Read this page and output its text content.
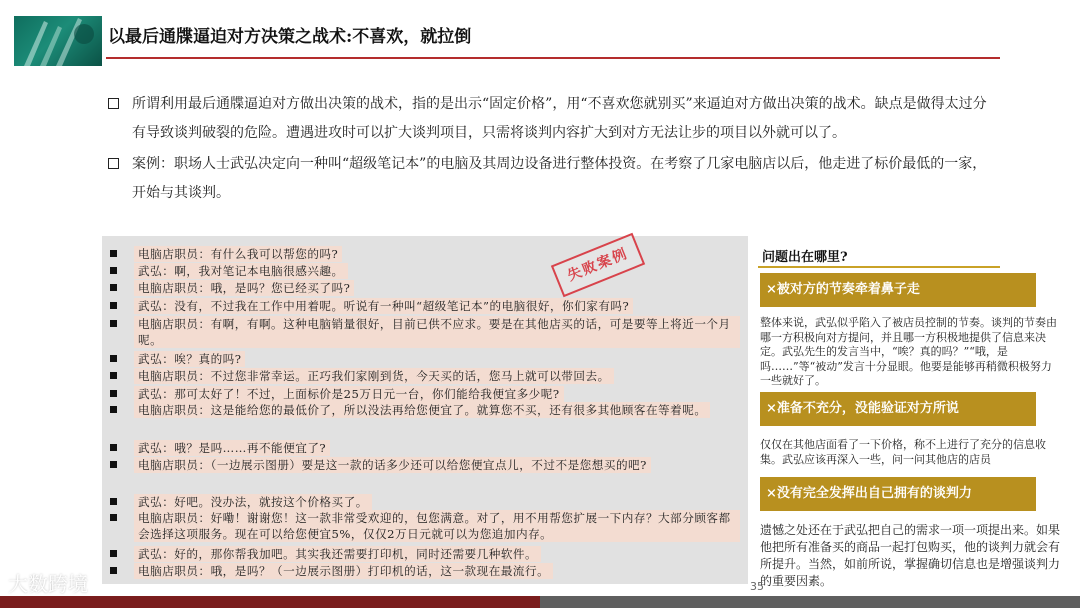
以最后通牒逼迫对方决策之战术:不喜欢，就拉倒
所谓利用最后通牒逼迫对方做出决策的战术，指的是出示“固定价格”，用“不喜欢您就别买”来逼迫对方做出决策的战术。缺点是做得太过分有导致谈判破裂的危险。遭遇进攻时可以扩大谈判项目，只需将谈判内容扩大到对方无法让步的项目以外就可以了。
案例：职场人士武弘决定向一种叫“超级笔记本”的电脑及其周边设备进行整体投资。在考察了几家电脑店以后，他走进了标价最低的一家，开始与其谈判。
电脑店职员：有什么我可以帮您的吗?
武弘：啊，我对笔记本电脑很感兴趣。
电脑店职员：哦，是吗？您已经买了吗?
武弘：没有，不过我在工作中用着呢。听说有一种叫“超级笔记本”的电脑很好，你们家有吗?
电脑店职员：有啊，有啊。这种电脑销量很好，目前已供不应求。要是在其他店买的话，可是要等上将近一个月呢。
武弘：唉？真的吗?
电脑店职员：不过您非常幸运。正巧我们家刚到货，今天买的话，您马上就可以带回去。
武弘：那可太好了！不过，上面标价是25万日元一台，你们能给我便宜多少呢?
电脑店职员：这是能给您的最低价了，所以没法再给您便宜了。就算您不买，还有很多其他顾客在等着呢。
武弘：哦？是吗……再不能便宜了?
电脑店职员：（一边展示图册）要是这一款的话多少还可以给您便宜点儿，不过不是您想买的吧?
武弘：好吧。没办法，就按这个价格买了。
电脑店职员：好嘞！谢谢您！这一款非常受欢迎的，包您满意。对了，用不用帮您扩展一下内存？大部分顾客都会选择这项服务。现在可以给您便宜5%，仅仅2万日元就可以为您追加内存。
武弘：好的，那你帮我加吧。其实我还需要打印机，同时还需要几种软件。
电脑店职员：哦，是吗？（一边展示图册）打印机的话，这一款现在最流行。
失败案例	问题出在哪里?
×被对方的节奏牵着鼻子走
整体来说，武弘似乎陷入了被店员控制的节奏。谈判的节奏由哪一方积极向对方提问，并且哪一方积极地提供了信息来决定。武弘先生的发言当中，“唉？真的吗？”“哦，是吗……”等“被动”发言十分显眼。他要是能够再稍微积极努力一些就好了。
×准备不充分，没能验证对方所说
仅仅在其他店面看了一下价格，称不上进行了充分的信息收集。武弘应该再深入一些，问一问其他店的店员
×没有完全发挥出自己拥有的谈判力
遗憾之处还在于武弘把自己的需求一项一项提出来。如果他把所有准备买的商品一起打包购买，他的谈判力就会有所提升。当然，如前所说，掌握确切信息也是增强谈判力的重要因素。
大数跨境	35
